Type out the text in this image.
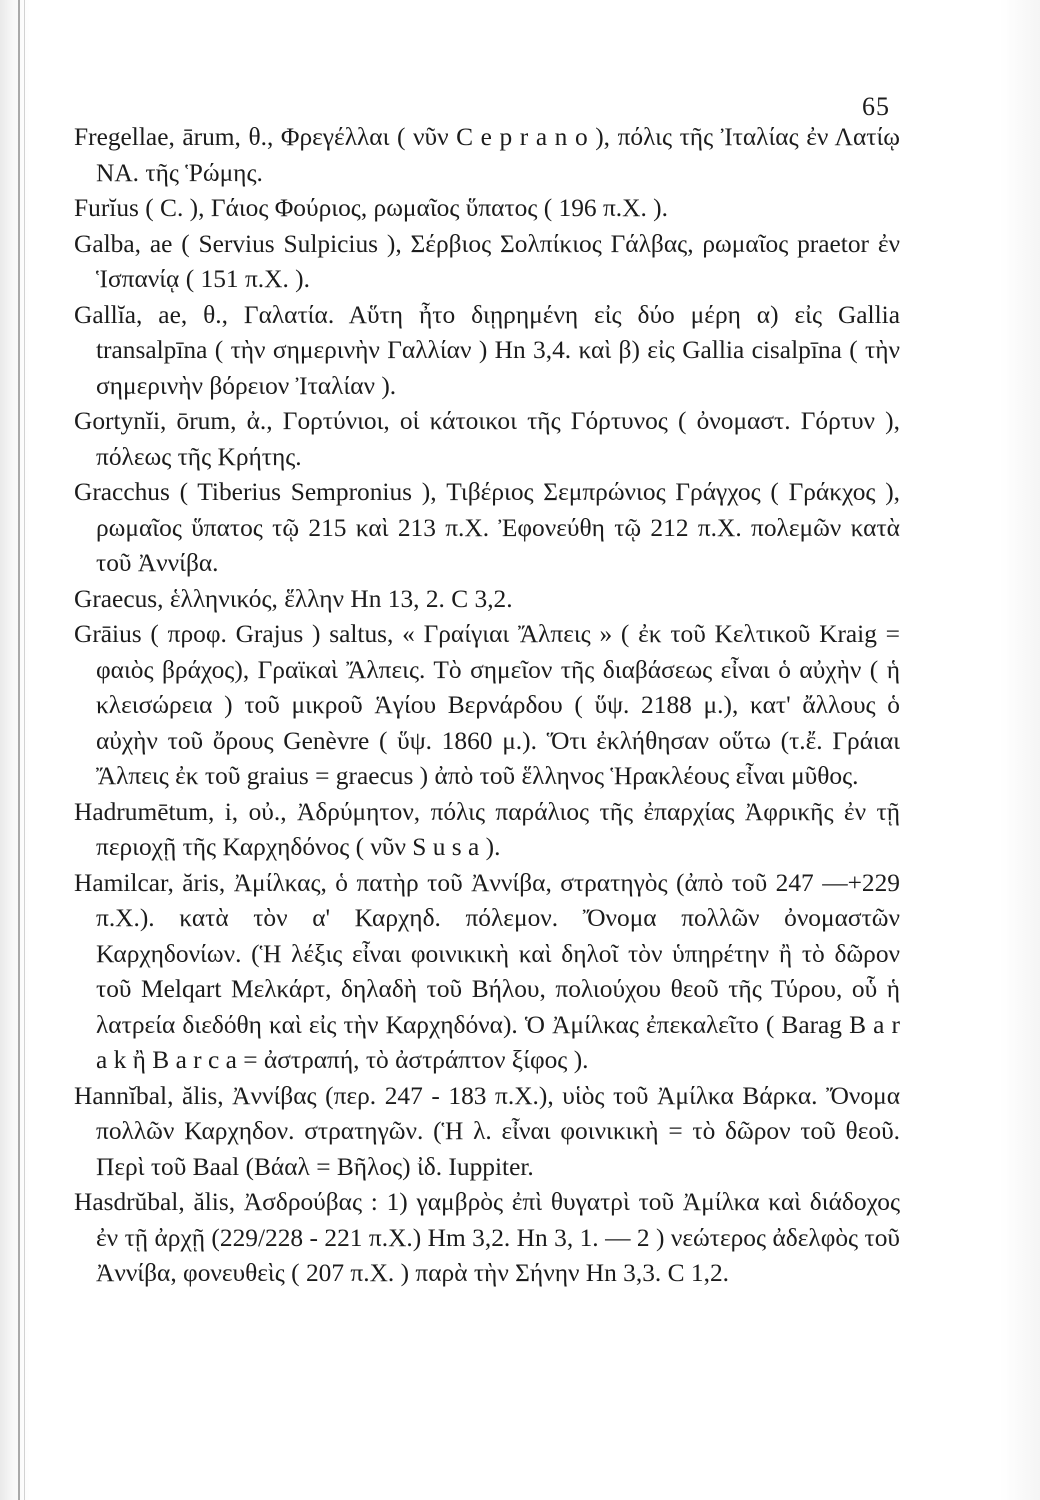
65

Fregellae, ārum, θ., Φρεγέλλαι ( νῦν C e p r a n o ), πόλις τῆς Ἰταλίας ἐν Λατίῳ ΝΑ. τῆς Ῥώμης.

Furĭus ( C. ), Γάιος Φούριος, ρωμαῖος ὕπατος ( 196 π.Χ. ).

Galba, ae ( Servius Sulpicius ), Σέρβιος Σολπίκιος Γάλβας, ρωμαῖος praetor ἐν Ἱσπανίᾳ ( 151 π.Χ. ).

Gallĭa, ae, θ., Γαλατία. Αὕτη ἦτο διῃρημένη εἰς δύο μέρη α) εἰς Gallia transalpīna ( τὴν σημερινὴν Γαλλίαν ) Hn 3,4. καὶ β) εἰς Gallia cisalpīna ( τὴν σημερινὴν βόρειον Ἰταλίαν ).

Gortynĭi, ōrum, ἀ., Γορτύνιοι, οἱ κάτοικοι τῆς Γόρτυνος ( ὀνομαστ. Γόρτυν ), πόλεως τῆς Κρήτης.

Gracchus ( Tiberius Sempronius ), Τιβέριος Σεμπρώνιος Γράγχος ( Γράκχος ), ρωμαῖος ὕπατος τῷ 215 καὶ 213 π.Χ. Ἐφονεύθη τῷ 212 π.Χ. πολεμῶν κατὰ τοῦ Ἀννίβα.

Graecus, ἑλληνικός, ἕλλην Hn 13, 2. C 3,2.

Grāius ( προφ. Grajus ) saltus, « Γραίγιαι Ἄλπεις » ( ἐκ τοῦ Κελτικοῦ Kraig = φαιὸς βράχος), Γραϊκαὶ Ἄλπεις. Τὸ σημεῖον τῆς διαβάσεως εἶναι ὁ αὐχὴν ( ἡ κλεισώρεια ) τοῦ μικροῦ Ἁγίου Βερνάρδου ( ὕψ. 2188 μ.), κατ' ἄλλους ὁ αὐχὴν τοῦ ὄρους Genèvre ( ὕψ. 1860 μ.). Ὅτι ἐκλήθησαν οὕτω (τ.ἔ. Γράιαι Ἄλπεις ἐκ τοῦ graius = graecus ) ἀπὸ τοῦ ἕλληνος Ἡρακλέους εἶναι μῦθος.

Hadrumētum, i, οὐ., Ἀδρύμητον, πόλις παράλιος τῆς ἐπαρχίας Ἀφρικῆς ἐν τῇ περιοχῇ τῆς Καρχηδόνος ( νῦν S u s a ).

Hamilcar, ăris, Ἀμίλκας, ὁ πατὴρ τοῦ Ἀννίβα, στρατηγὸς (ἀπὸ τοῦ 247 —+229 π.Χ.). κατὰ τὸν α' Καρχηδ. πόλεμον. Ὄνομα πολλῶν ὀνομαστῶν Καρχηδονίων. (Ἡ λέξις εἶναι φοινικικὴ καὶ δηλοῖ τὸν ὑπηρέτην ἢ τὸ δῶρον τοῦ Melqart Μελκάρτ, δηλαδὴ τοῦ Βήλου, πολιούχου θεοῦ τῆς Τύρου, οὗ ἡ λατρεία διεδόθη καὶ εἰς τὴν Καρχηδόνα). Ὁ Ἀμίλκας ἐπεκαλεῖτο ( Barag B a r a k ἢ B a r c a = ἀστραπή, τὸ ἀστράπτον ξίφος ).

Hannĭbal, ălis, Ἀννίβας (περ. 247 - 183 π.Χ.), υἱὸς τοῦ Ἀμίλκα Βάρκα. Ὄνομα πολλῶν Καρχηδον. στρατηγῶν. (Ἡ λ. εἶναι φοινικικὴ = τὸ δῶρον τοῦ θεοῦ. Περὶ τοῦ Baal (Βάαλ = Βῆλος) ἰδ. Iuppiter.

Hasdrŭbal, ălis, Ἀσδρούβας : 1) γαμβρὸς ἐπὶ θυγατρὶ τοῦ Ἀμίλκα καὶ διάδοχος ἐν τῇ ἀρχῇ (229/228 - 221 π.Χ.) Hm 3,2. Hn 3, 1. — 2 ) νεώτερος ἀδελφὸς τοῦ Ἀννίβα, φονευθεὶς ( 207 π.Χ. ) παρὰ τὴν Σήνην Hn 3,3. C 1,2.
